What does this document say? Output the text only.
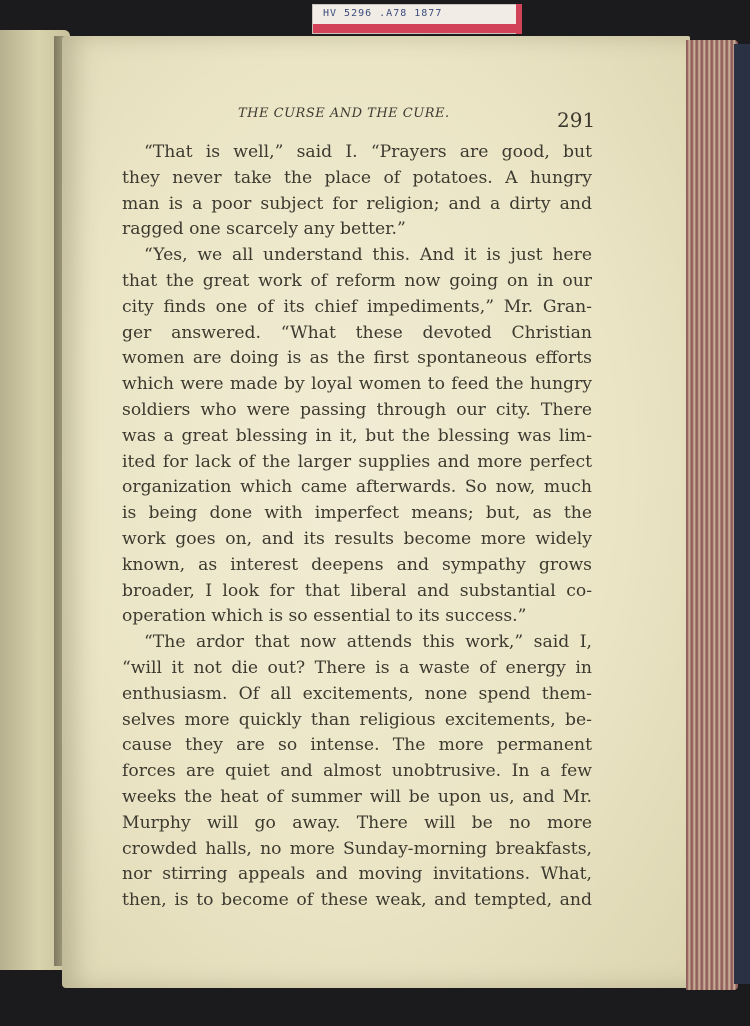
HV 5296 .A78 1877
THE CURSE AND THE CURE.	291
“That is well,” said I. “Prayers are good, but
they never take the place of potatoes. A hungry
man is a poor subject for religion; and a dirty and
ragged one scarcely any better.”
“Yes, we all understand this. And it is just here
that the great work of reform now going on in our
city finds one of its chief impediments,” Mr. Gran-
ger answered. “What these devoted Christian
women are doing is as the first spontaneous efforts
which were made by loyal women to feed the hungry
soldiers who were passing through our city. There
was a great blessing in it, but the blessing was lim-
ited for lack of the larger supplies and more perfect
organization which came afterwards. So now, much
is being done with imperfect means; but, as the
work goes on, and its results become more widely
known, as interest deepens and sympathy grows
broader, I look for that liberal and substantial co-
operation which is so essential to its success.”
“The ardor that now attends this work,” said I,
“will it not die out? There is a waste of energy in
enthusiasm. Of all excitements, none spend them-
selves more quickly than religious excitements, be-
cause they are so intense. The more permanent
forces are quiet and almost unobtrusive. In a few
weeks the heat of summer will be upon us, and Mr.
Murphy will go away. There will be no more
crowded halls, no more Sunday-morning breakfasts,
nor stirring appeals and moving invitations. What,
then, is to become of these weak, and tempted, and
